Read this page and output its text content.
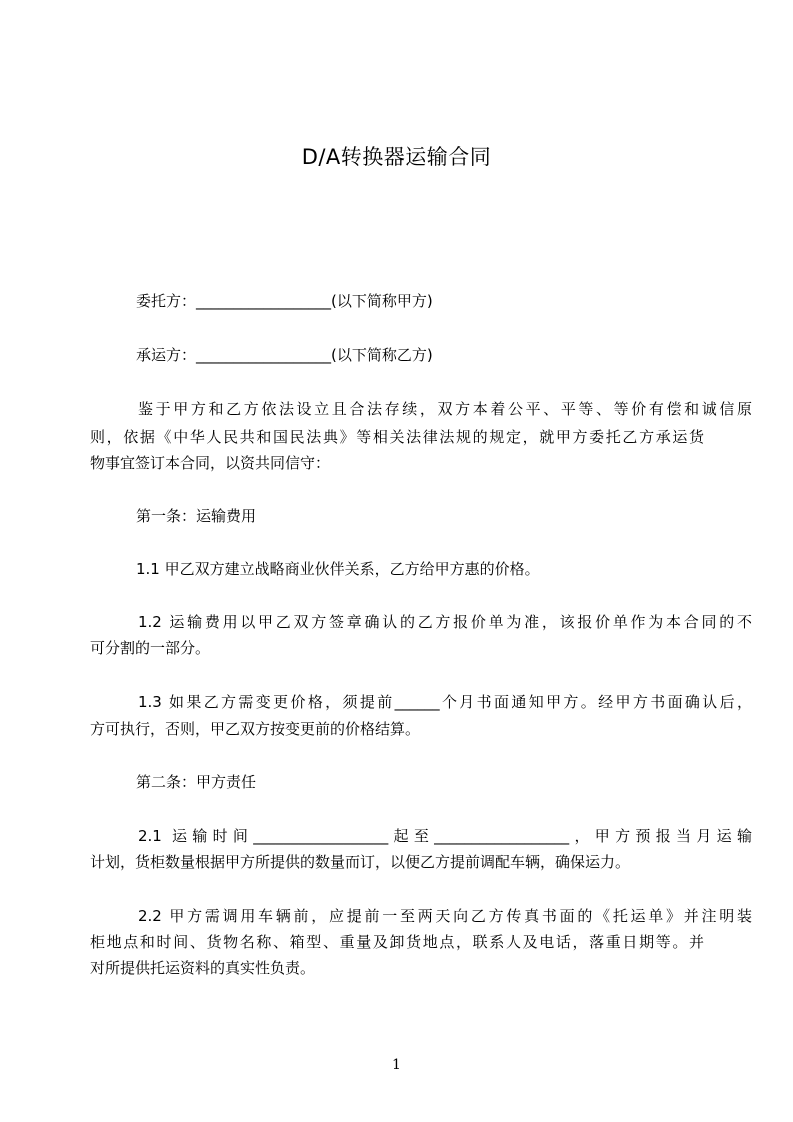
D/A转换器运输合同
委托方：__________________(以下简称甲方)
承运方：__________________(以下简称乙方)
鉴于甲方和乙方依法设立且合法存续，双方本着公平、平等、等价有偿和诚信原
则，依据《中华人民共和国民法典》等相关法律法规的规定，就甲方委托乙方承运货
物事宜签订本合同，以资共同信守：
第一条：运输费用
1.1 甲乙双方建立战略商业伙伴关系，乙方给甲方惠的价格。
1.2 运输费用以甲乙双方签章确认的乙方报价单为准，该报价单作为本合同的不
可分割的一部分。
1.3 如果乙方需变更价格，须提前______个月书面通知甲方。经甲方书面确认后，
方可执行，否则，甲乙双方按变更前的价格结算。
第二条：甲方责任
2.1 运输时间__________________起至__________________，甲方预报当月运输
计划，货柜数量根据甲方所提供的数量而订，以便乙方提前调配车辆，确保运力。
2.2 甲方需调用车辆前，应提前一至两天向乙方传真书面的《托运单》并注明装
柜地点和时间、货物名称、箱型、重量及卸货地点，联系人及电话，落重日期等。并
对所提供托运资料的真实性负责。
1
